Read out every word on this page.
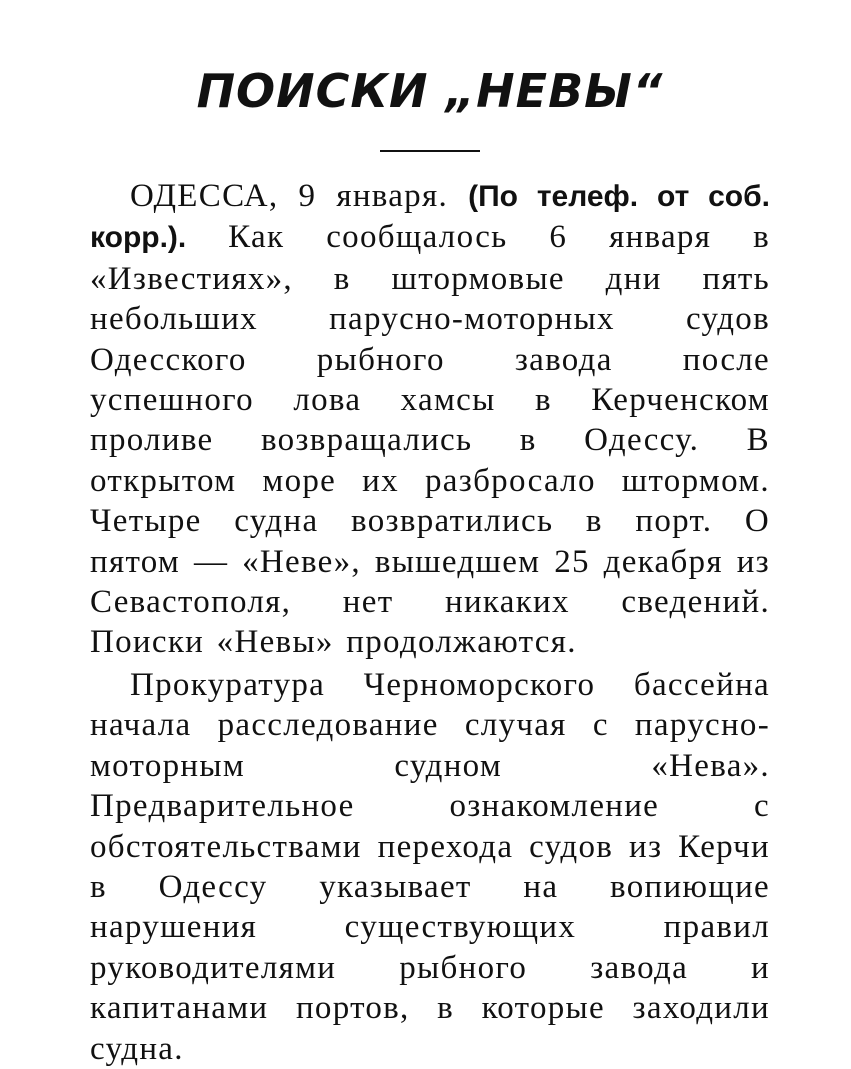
ПОИСКИ „НЕВЫ“

ОДЕССА, 9 января. (По телеф. от соб. корр.). Как сообщалось 6 января в «Известиях», в штормовые дни пять небольших парусно-моторных судов Одесского рыбного завода после успешного лова хамсы в Керченском проливе возвращались в Одессу. В открытом море их разбросало штормом. Четыре судна возвратились в порт. О пятом — «Неве», вышедшем 25 декабря из Севастополя, нет никаких сведений. Поиски «Невы» продолжаются.

Прокуратура Черноморского бассейна начала расследование случая с парусно-моторным судном «Нева». Предварительное ознакомление с обстоятельствами перехода судов из Керчи в Одессу указывает на вопиющие нарушения существующих правил руководителями рыбного завода и капитанами портов, в которые заходили судна.
